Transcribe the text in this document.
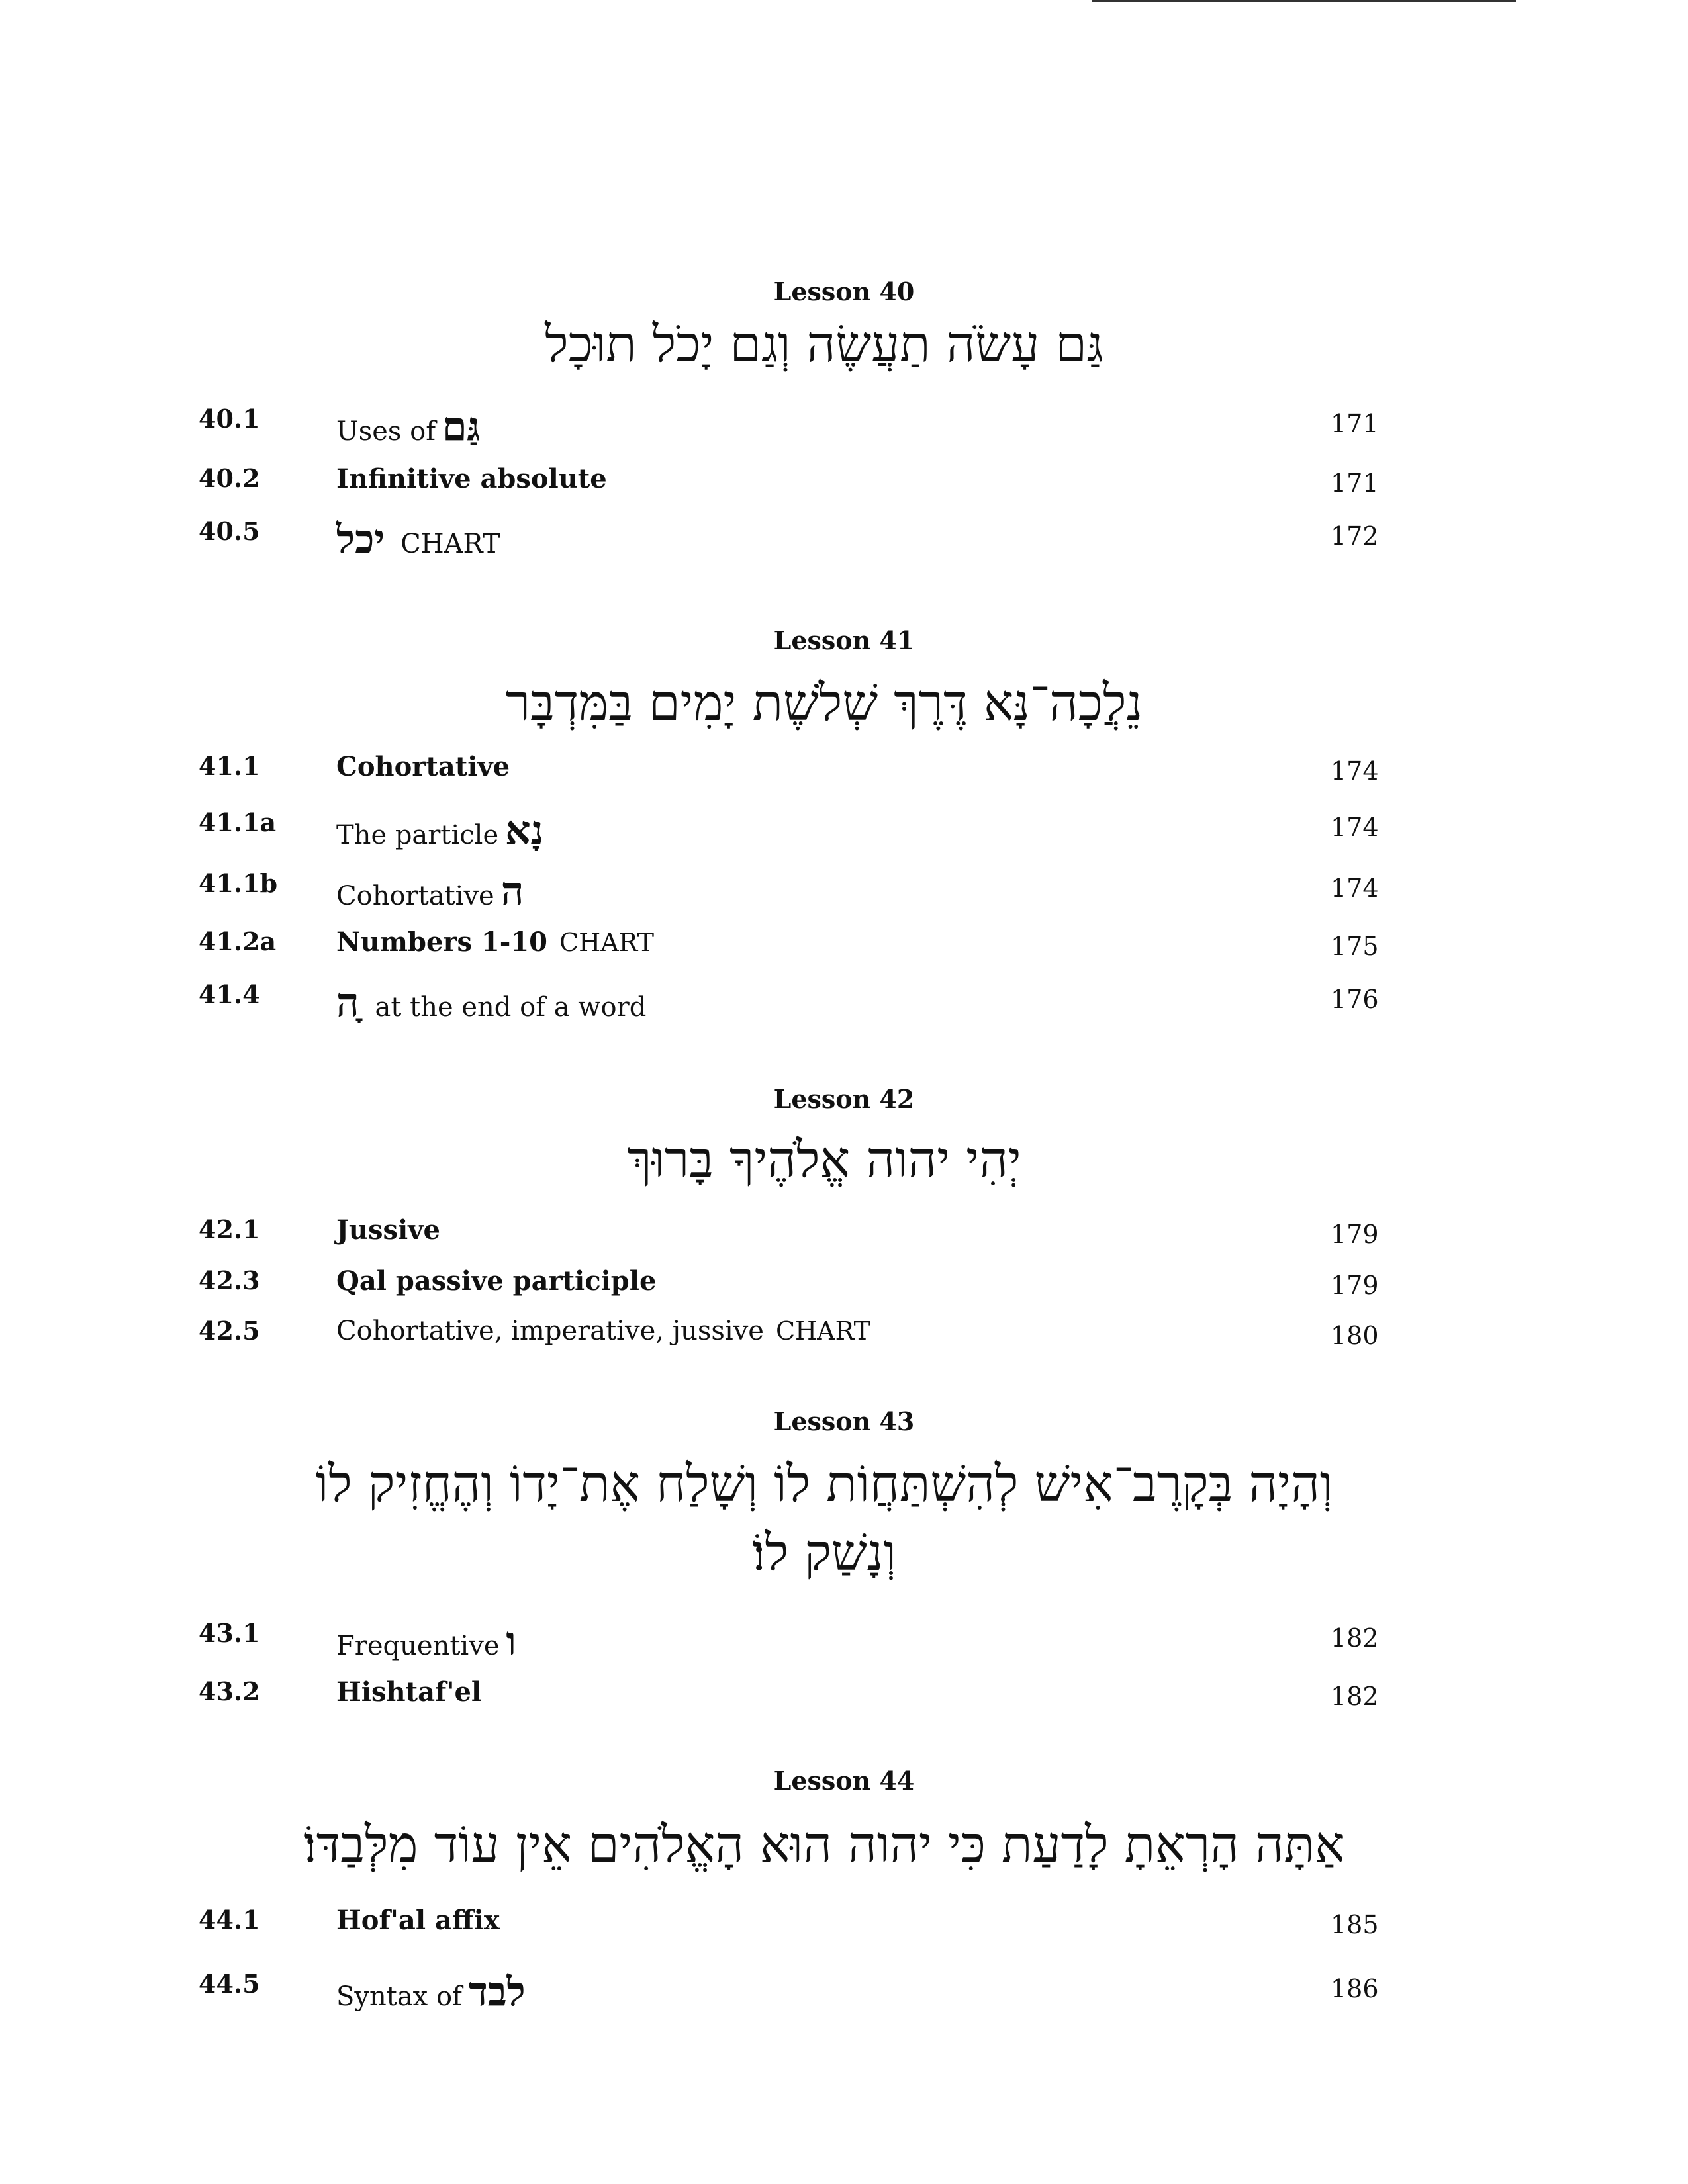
Lesson 40
גַּם עָשֹׂה תַעֲשֶׂה וְגַם יָכֹל תוּכָל
40.1	Uses of גַּם	171
40.2	Infinitive absolute	171
40.5 יכל CHART	172
Lesson 41
נֵלֲכָה־נָּא דֶּרֶךְ שְׁלֹשֶׁת יָמִים בַּמִּדְבָּר
41.1	Cohortative	174
41.1a The particle נָא	174
41.1b Cohortative ה	174
41.2a Numbers 1-10 CHART	175
41.4 ָה at the end of a word	176
Lesson 42
יְהִי יהוה אֱלֹהֶיךָ בָּרוּךְ
42.1	Jussive	179
42.3	Qal passive participle	179
42.5	Cohortative, imperative, jussive CHART	180
Lesson 43
וְהָיָה בְּקָרֶב־אִישׁ לְהִשְׁתַּחֲוֹת לוֹ וְשָׁלַח אֶת־יָדוֹ וְהֶחֱזִיק לוֹ וְנָשַׁק לוֹ׃
43.1	Frequentive ו	182
43.2	Hishtaf'el	182
Lesson 44
אַתָּה הָרְאֵתָ לָדַעַת כִּי יהוה הוּא הָאֱלֹהִים אֵין עוֹד מִלְּבַדּוֹ׃
44.1	Hof'al affix	185
44.5	Syntax of לבד	186
